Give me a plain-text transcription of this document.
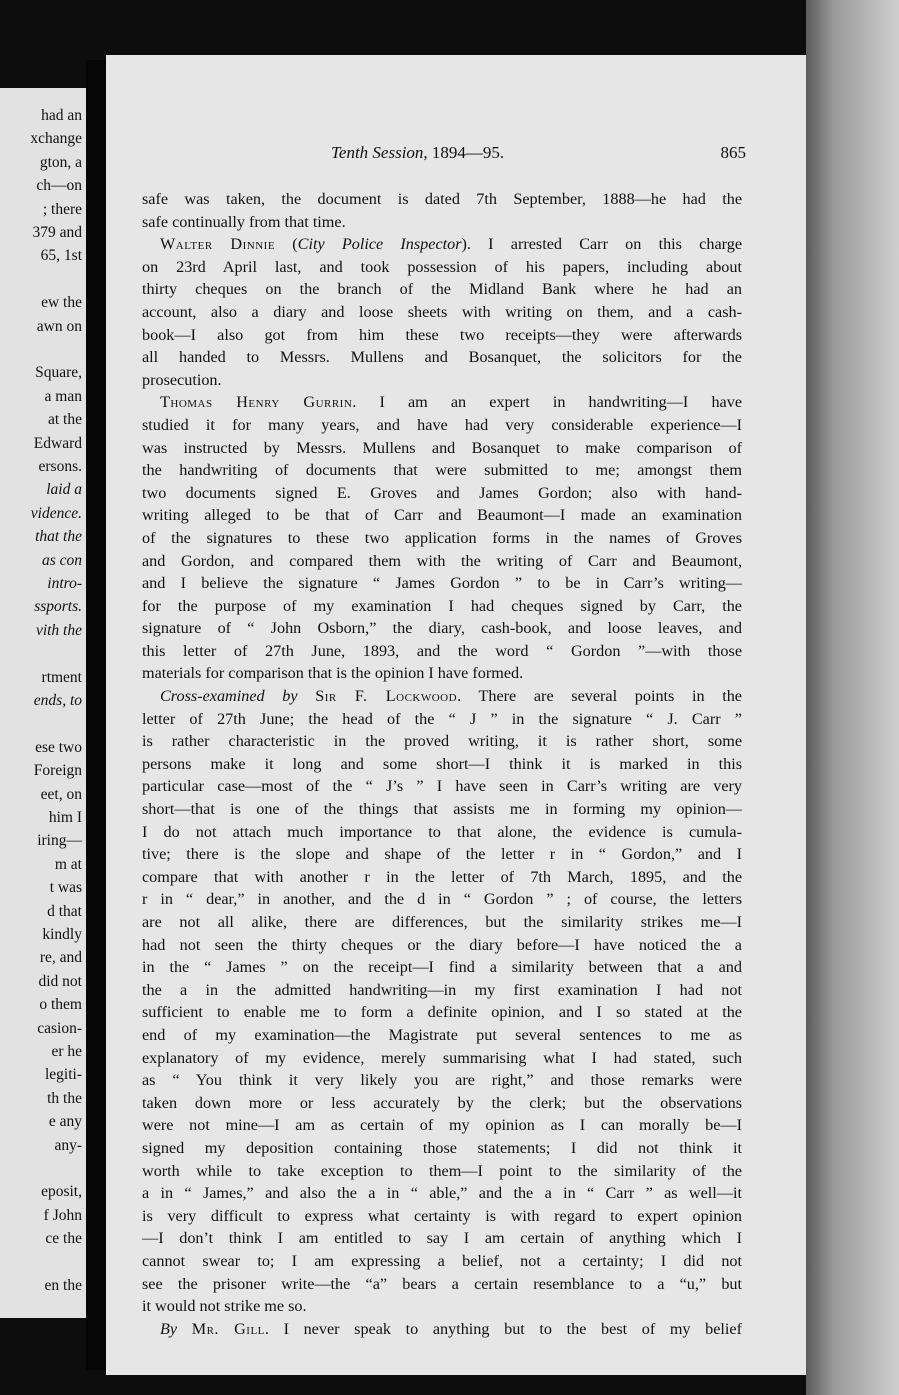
had an
xchange
gton, a
ch—on
; there
379 and
65, 1st
ew the
awn on
Square,
a man
at the
Edward
ersons.
laid a
vidence.
that the
as con
intro-
ssports.
vith the
rtment
ends, to
ese two
Foreign
eet, on
him I
iring—
m at
t was
d that
kindly
re, and
did not
o them
casion-
er he
legiti-
th the
e any
any-
eposit,
f John
ce the
en the
Tenth Session, 1894—95.	865
safe was taken, the document is dated 7th September, 1888—he had the
safe continually from that time.
Walter Dinnie (City Police Inspector). I arrested Carr on this charge
on 23rd April last, and took possession of his papers, including about
thirty cheques on the branch of the Midland Bank where he had an
account, also a diary and loose sheets with writing on them, and a cash-
book—I also got from him these two receipts—they were afterwards
all handed to Messrs. Mullens and Bosanquet, the solicitors for the
prosecution.
Thomas Henry Gurrin. I am an expert in handwriting—I have
studied it for many years, and have had very considerable experience—I
was instructed by Messrs. Mullens and Bosanquet to make comparison of
the handwriting of documents that were submitted to me; amongst them
two documents signed E. Groves and James Gordon; also with hand-
writing alleged to be that of Carr and Beaumont—I made an examination
of the signatures to these two application forms in the names of Groves
and Gordon, and compared them with the writing of Carr and Beaumont,
and I believe the signature “ James Gordon ” to be in Carr’s writing—
for the purpose of my examination I had cheques signed by Carr, the
signature of “ John Osborn,” the diary, cash-book, and loose leaves, and
this letter of 27th June, 1893, and the word “ Gordon ”—with those
materials for comparison that is the opinion I have formed.
Cross-examined by Sir F. Lockwood. There are several points in the
letter of 27th June; the head of the “ J ” in the signature “ J. Carr ”
is rather characteristic in the proved writing, it is rather short, some
persons make it long and some short—I think it is marked in this
particular case—most of the “ J’s ” I have seen in Carr’s writing are very
short—that is one of the things that assists me in forming my opinion—
I do not attach much importance to that alone, the evidence is cumula-
tive; there is the slope and shape of the letter r in “ Gordon,” and I
compare that with another r in the letter of 7th March, 1895, and the
r in “ dear,” in another, and the d in “ Gordon ” ; of course, the letters
are not all alike, there are differences, but the similarity strikes me—I
had not seen the thirty cheques or the diary before—I have noticed the a
in the “ James ” on the receipt—I find a similarity between that a and
the a in the admitted handwriting—in my first examination I had not
sufficient to enable me to form a definite opinion, and I so stated at the
end of my examination—the Magistrate put several sentences to me as
explanatory of my evidence, merely summarising what I had stated, such
as “ You think it very likely you are right,” and those remarks were
taken down more or less accurately by the clerk; but the observations
were not mine—I am as certain of my opinion as I can morally be—I
signed my deposition containing those statements; I did not think it
worth while to take exception to them—I point to the similarity of the
a in “ James,” and also the a in “ able,” and the a in “ Carr ” as well—it
is very difficult to express what certainty is with regard to expert opinion
—I don’t think I am entitled to say I am certain of anything which I
cannot swear to; I am expressing a belief, not a certainty; I did not
see the prisoner write—the “a” bears a certain resemblance to a “u,” but
it would not strike me so.
By Mr. Gill. I never speak to anything but to the best of my belief
